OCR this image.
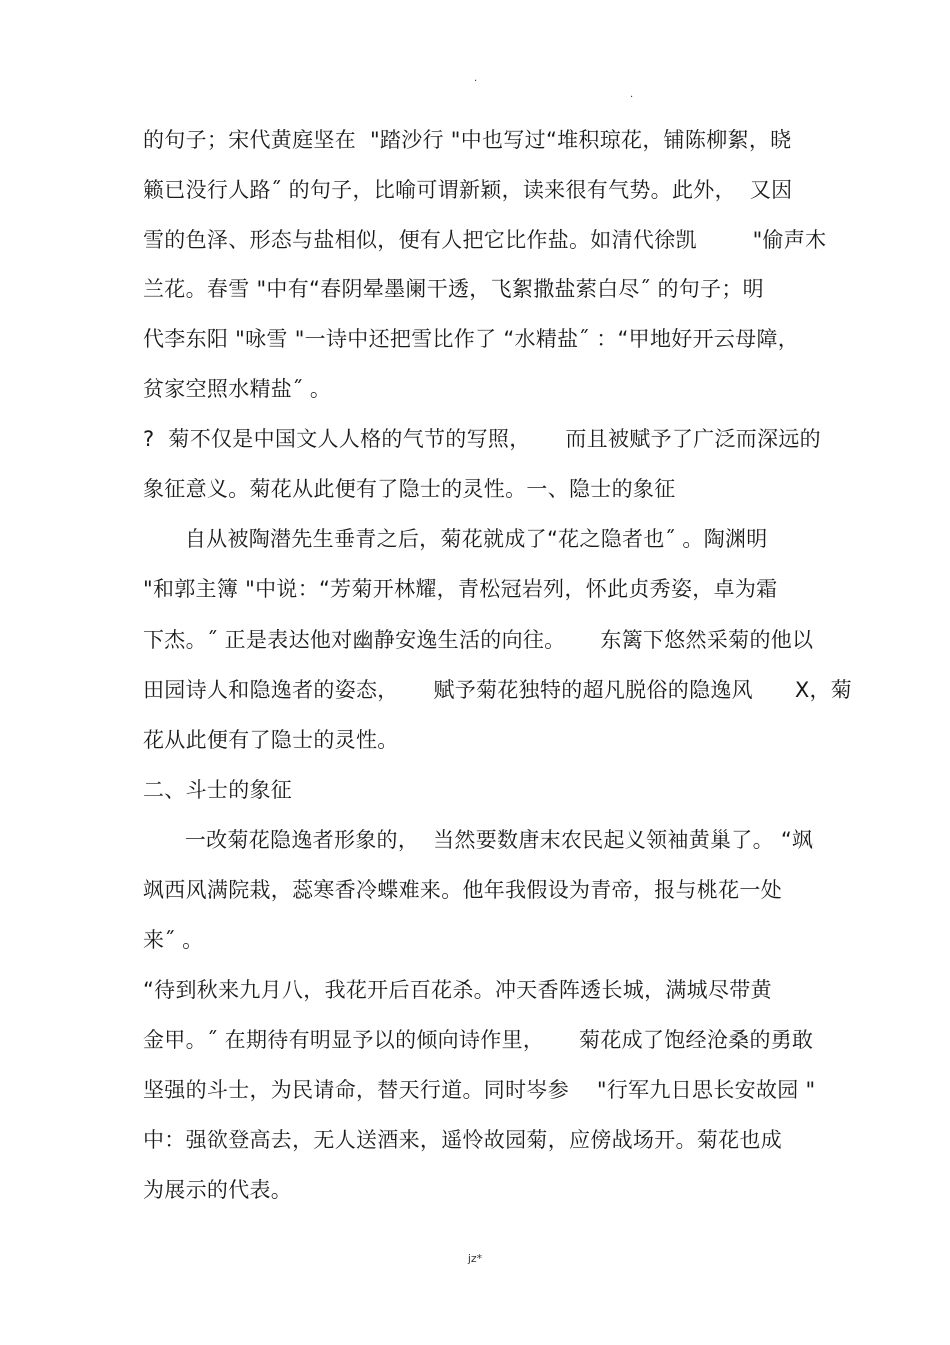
.
.
的句子；宋代黄庭坚在  "踏沙行 "中也写过“堆积琼花，铺陈柳絮，晓
籁已没行人路˝ 的句子，比喻可谓新颖，读来很有气势。此外，  又因
雪的色泽、形态与盐相似，便有人把它比作盐。如清代徐凯        "偷声木
兰花。春雪 "中有“春阴晕墨阑干透，飞絮撒盐萦白尽˝ 的句子；明
代李东阳 "咏雪 "一诗中还把雪比作了 “水精盐˝ ：“甲地好开云母障，
贫家空照水精盐˝ 。
?  菊不仅是中国文人人格的气节的写照，     而且被赋予了广泛而深远的
象征意义。菊花从此便有了隐士的灵性。一、隐士的象征
自从被陶潜先生垂青之后，菊花就成了“花之隐者也˝ 。陶渊明
"和郭主簿 "中说：“芳菊开林耀，青松冠岩列，怀此贞秀姿，卓为霜
下杰。˝ 正是表达他对幽静安逸生活的向往。     东篱下悠然采菊的他以
田园诗人和隐逸者的姿态，     赋予菊花独特的超凡脱俗的隐逸风      X，菊
花从此便有了隐士的灵性。
二、斗士的象征
一改菊花隐逸者形象的，  当然要数唐末农民起义领袖黄巢了。 “飒
飒西风满院栽，蕊寒香冷蝶难来。他年我假设为青帝，报与桃花一处
来˝ 。
“待到秋来九月八，我花开后百花杀。冲天香阵透长城，满城尽带黄
金甲。˝ 在期待有明显予以的倾向诗作里，     菊花成了饱经沧桑的勇敢
坚强的斗士，为民请命，替天行道。同时岑参    "行军九日思长安故园 "
中：强欲登高去，无人送酒来，遥怜故园菊，应傍战场开。菊花也成
为展示的代表。
jz*
